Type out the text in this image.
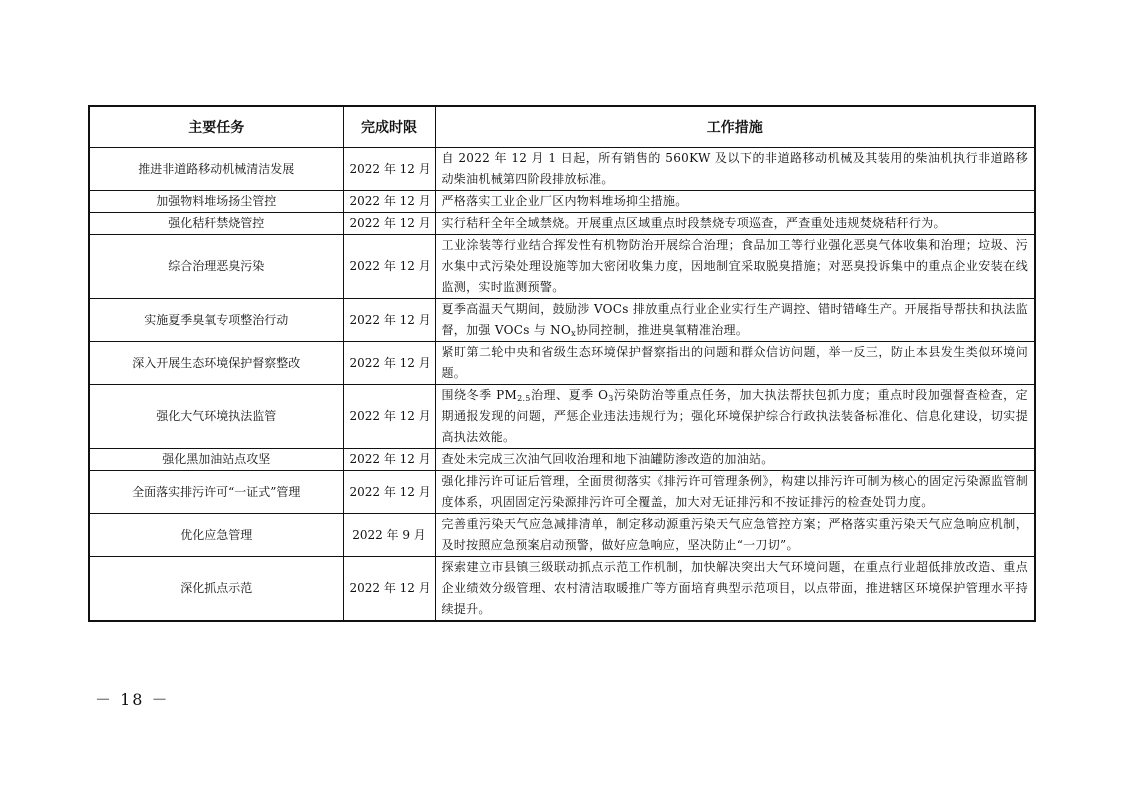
主要任务	完成时限	工作措施
推进非道路移动机械清洁发展	2022 年 12 月	自 2022 年 12 月 1 日起，所有销售的 560KW 及以下的非道路移动机械及其装用的柴油机执行非道路移动柴油机械第四阶段排放标准。
加强物料堆场扬尘管控	2022 年 12 月	严格落实工业企业厂区内物料堆场抑尘措施。
强化秸秆禁烧管控	2022 年 12 月	实行秸秆全年全域禁烧。开展重点区域重点时段禁烧专项巡查，严查重处违规焚烧秸秆行为。
综合治理恶臭污染	2022 年 12 月	工业涂装等行业结合挥发性有机物防治开展综合治理；食品加工等行业强化恶臭气体收集和治理；垃圾、污水集中式污染处理设施等加大密闭收集力度，因地制宜采取脱臭措施；对恶臭投诉集中的重点企业安装在线监测，实时监测预警。
实施夏季臭氧专项整治行动	2022 年 12 月	夏季高温天气期间，鼓励涉 VOCs 排放重点行业企业实行生产调控、错时错峰生产。开展指导帮扶和执法监督，加强 VOCs 与 $NO_x$协同控制，推进臭氧精准治理。
深入开展生态环境保护督察整改	2022 年 12 月	紧盯第二轮中央和省级生态环境保护督察指出的问题和群众信访问题，举一反三，防止本县发生类似环境问题。
强化大气环境执法监管	2022 年 12 月	围绕冬季 $PM_{2.5}$治理、夏季 $O_3$污染防治等重点任务，加大执法帮扶包抓力度；重点时段加强督查检查，定期通报发现的问题，严惩企业违法违规行为；强化环境保护综合行政执法装备标准化、信息化建设，切实提高执法效能。
强化黑加油站点攻坚	2022 年 12 月	查处未完成三次油气回收治理和地下油罐防渗改造的加油站。
全面落实排污许可“一证式”管理	2022 年 12 月	强化排污许可证后管理，全面贯彻落实《排污许可管理条例》，构建以排污许可制为核心的固定污染源监管制度体系，巩固固定污染源排污许可全覆盖，加大对无证排污和不按证排污的检查处罚力度。
优化应急管理	2022 年 9 月	完善重污染天气应急减排清单，制定移动源重污染天气应急管控方案；严格落实重污染天气应急响应机制，及时按照应急预案启动预警，做好应急响应，坚决防止“一刀切”。
深化抓点示范	2022 年 12 月	探索建立市县镇三级联动抓点示范工作机制，加快解决突出大气环境问题，在重点行业超低排放改造、重点企业绩效分级管理、农村清洁取暖推广等方面培育典型示范项目，以点带面，推进辖区环境保护管理水平持续提升。
－ 18 －
